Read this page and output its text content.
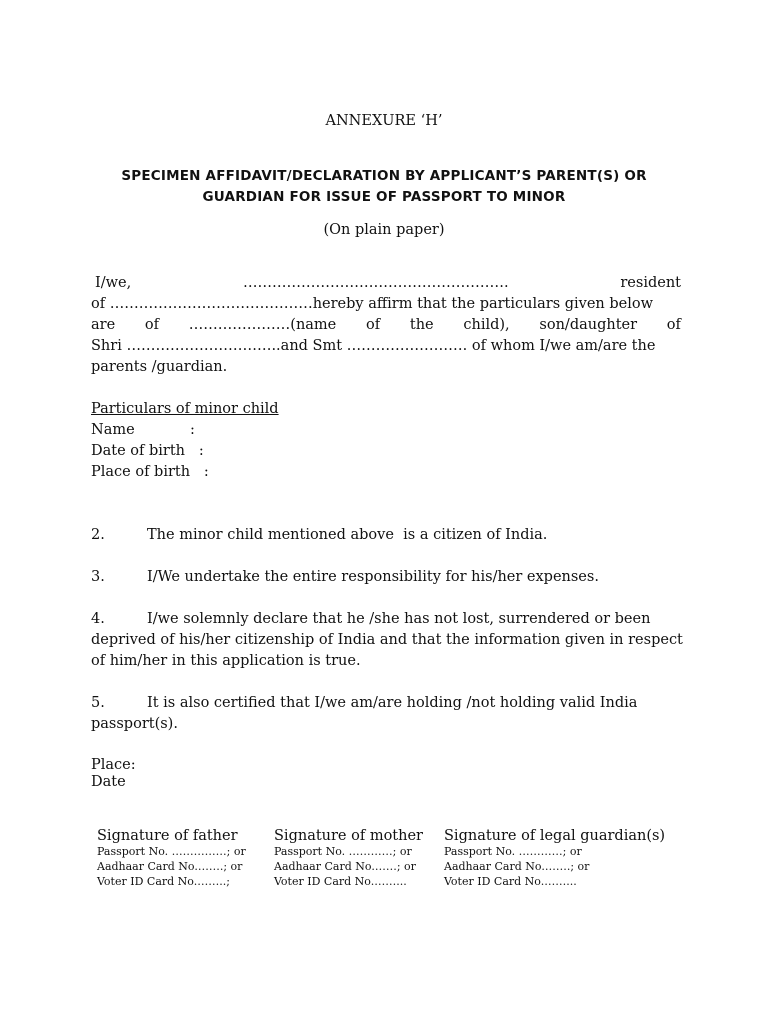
ANNEXURE ‘H’
SPECIMEN AFFIDAVIT/DECLARATION BY APPLICANT’S PARENT(S) OR
GUARDIAN FOR ISSUE OF PASSPORT TO MINOR
(On plain paper)
I/we,	……………………………………………….	resident
of ……………………………………hereby affirm that the particulars given below
are of …………………(name of the child), son/daughter of
Shri …………………………..and Smt ……………………. of whom I/we am/are the
parents /guardian.
Particulars of minor child
Name            :
Date of birth   :
Place of birth   :
2.	The minor child mentioned above  is a citizen of India.
3.	I/We undertake the entire responsibility for his/her expenses.
4.	I/we solemnly declare that he /she has not lost, surrendered or been
deprived of his/her citizenship of India and that the information given in respect
of him/her in this application is true.
5.	It is also certified that I/we am/are holding /not holding valid India
passport(s).
Place:
Date
Signature of father
Passport No. ……………; or
Aadhaar Card No.…….; or
Voter ID Card No.……..;
Signature of mother
Passport No. …………; or
Aadhaar Card No.……; or
Voter ID Card No.……...
Signature of legal guardian(s)
Passport No. …………; or
Aadhaar Card No.…….; or
Voter ID Card No.……...
